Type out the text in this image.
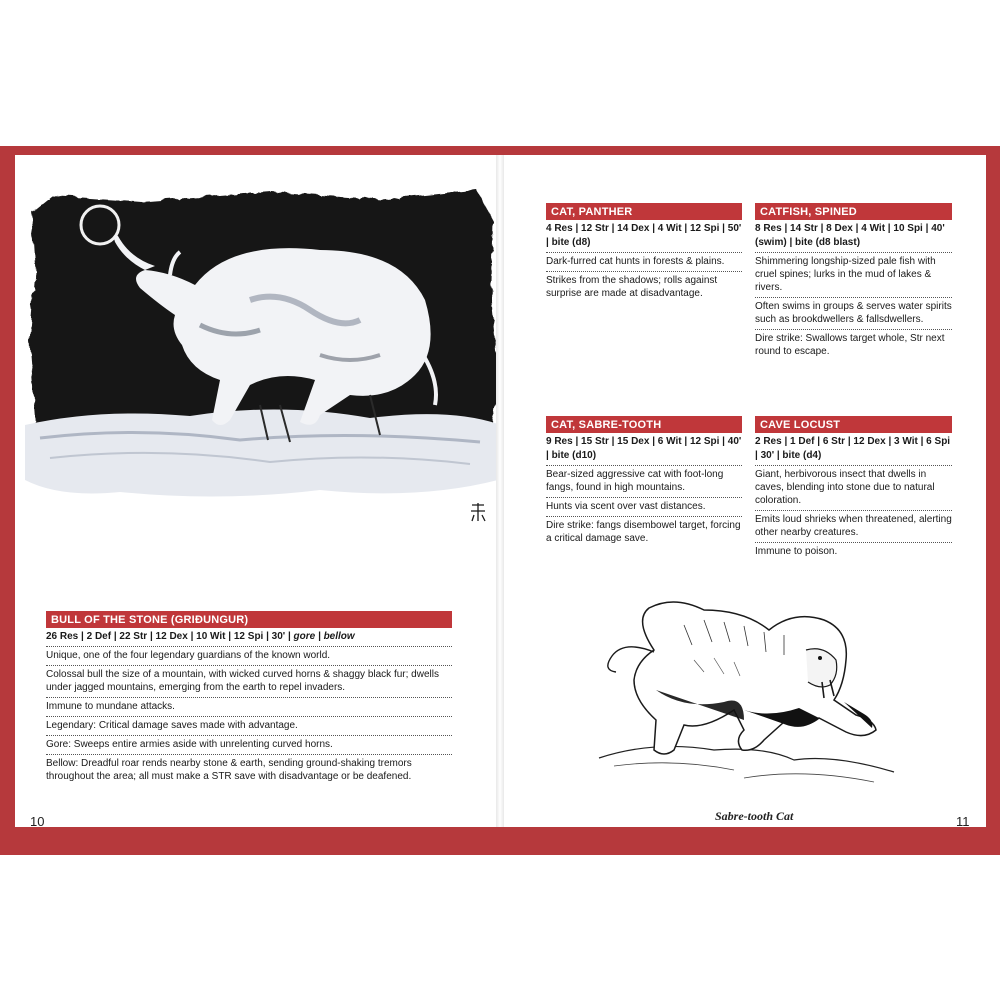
BULL OF THE STONE (GRIÐUNGUR)
26 Res | 2 Def | 22 Str | 12 Dex | 10 Wit | 12 Spi | 30' | gore | bellow
Unique, one of the four legendary guardians of the known world.
Colossal bull the size of a mountain, with wicked curved horns & shaggy black fur; dwells under jagged mountains, emerging from the earth to repel invaders.
Immune to mundane attacks.
Legendary: Critical damage saves made with advantage.
Gore: Sweeps entire armies aside with unrelenting curved horns.
Bellow: Dreadful roar rends nearby stone & earth, sending ground-shaking tremors throughout the area; all must make a STR save with disadvantage or be deafened.
10
CAT, PANTHER
4 Res | 12 Str | 14 Dex | 4 Wit | 12 Spi | 50' | bite (d8)
Dark-furred cat hunts in forests & plains.
Strikes from the shadows; rolls against surprise are made at disadvantage.
CATFISH, SPINED
8 Res | 14 Str | 8 Dex | 4 Wit | 10 Spi | 40' (swim) | bite (d8 blast)
Shimmering longship-sized pale fish with cruel spines; lurks in the mud of lakes & rivers.
Often swims in groups & serves water spirits such as brookdwellers & fallsdwellers.
Dire strike: Swallows target whole, Str next round to escape.
CAT, SABRE-TOOTH
9 Res | 15 Str | 15 Dex | 6 Wit | 12 Spi | 40' | bite (d10)
Bear-sized aggressive cat with foot-long fangs, found in high mountains.
Hunts via scent over vast distances.
Dire strike: fangs disembowel target, forcing a critical damage save.
CAVE LOCUST
2 Res | 1 Def | 6 Str | 12 Dex | 3 Wit | 6 Spi | 30' | bite (d4)
Giant, herbivorous insect that dwells in caves, blending into stone due to natural coloration.
Emits loud shrieks when threatened, alerting other nearby creatures.
Immune to poison.
Sabre-tooth Cat	11
